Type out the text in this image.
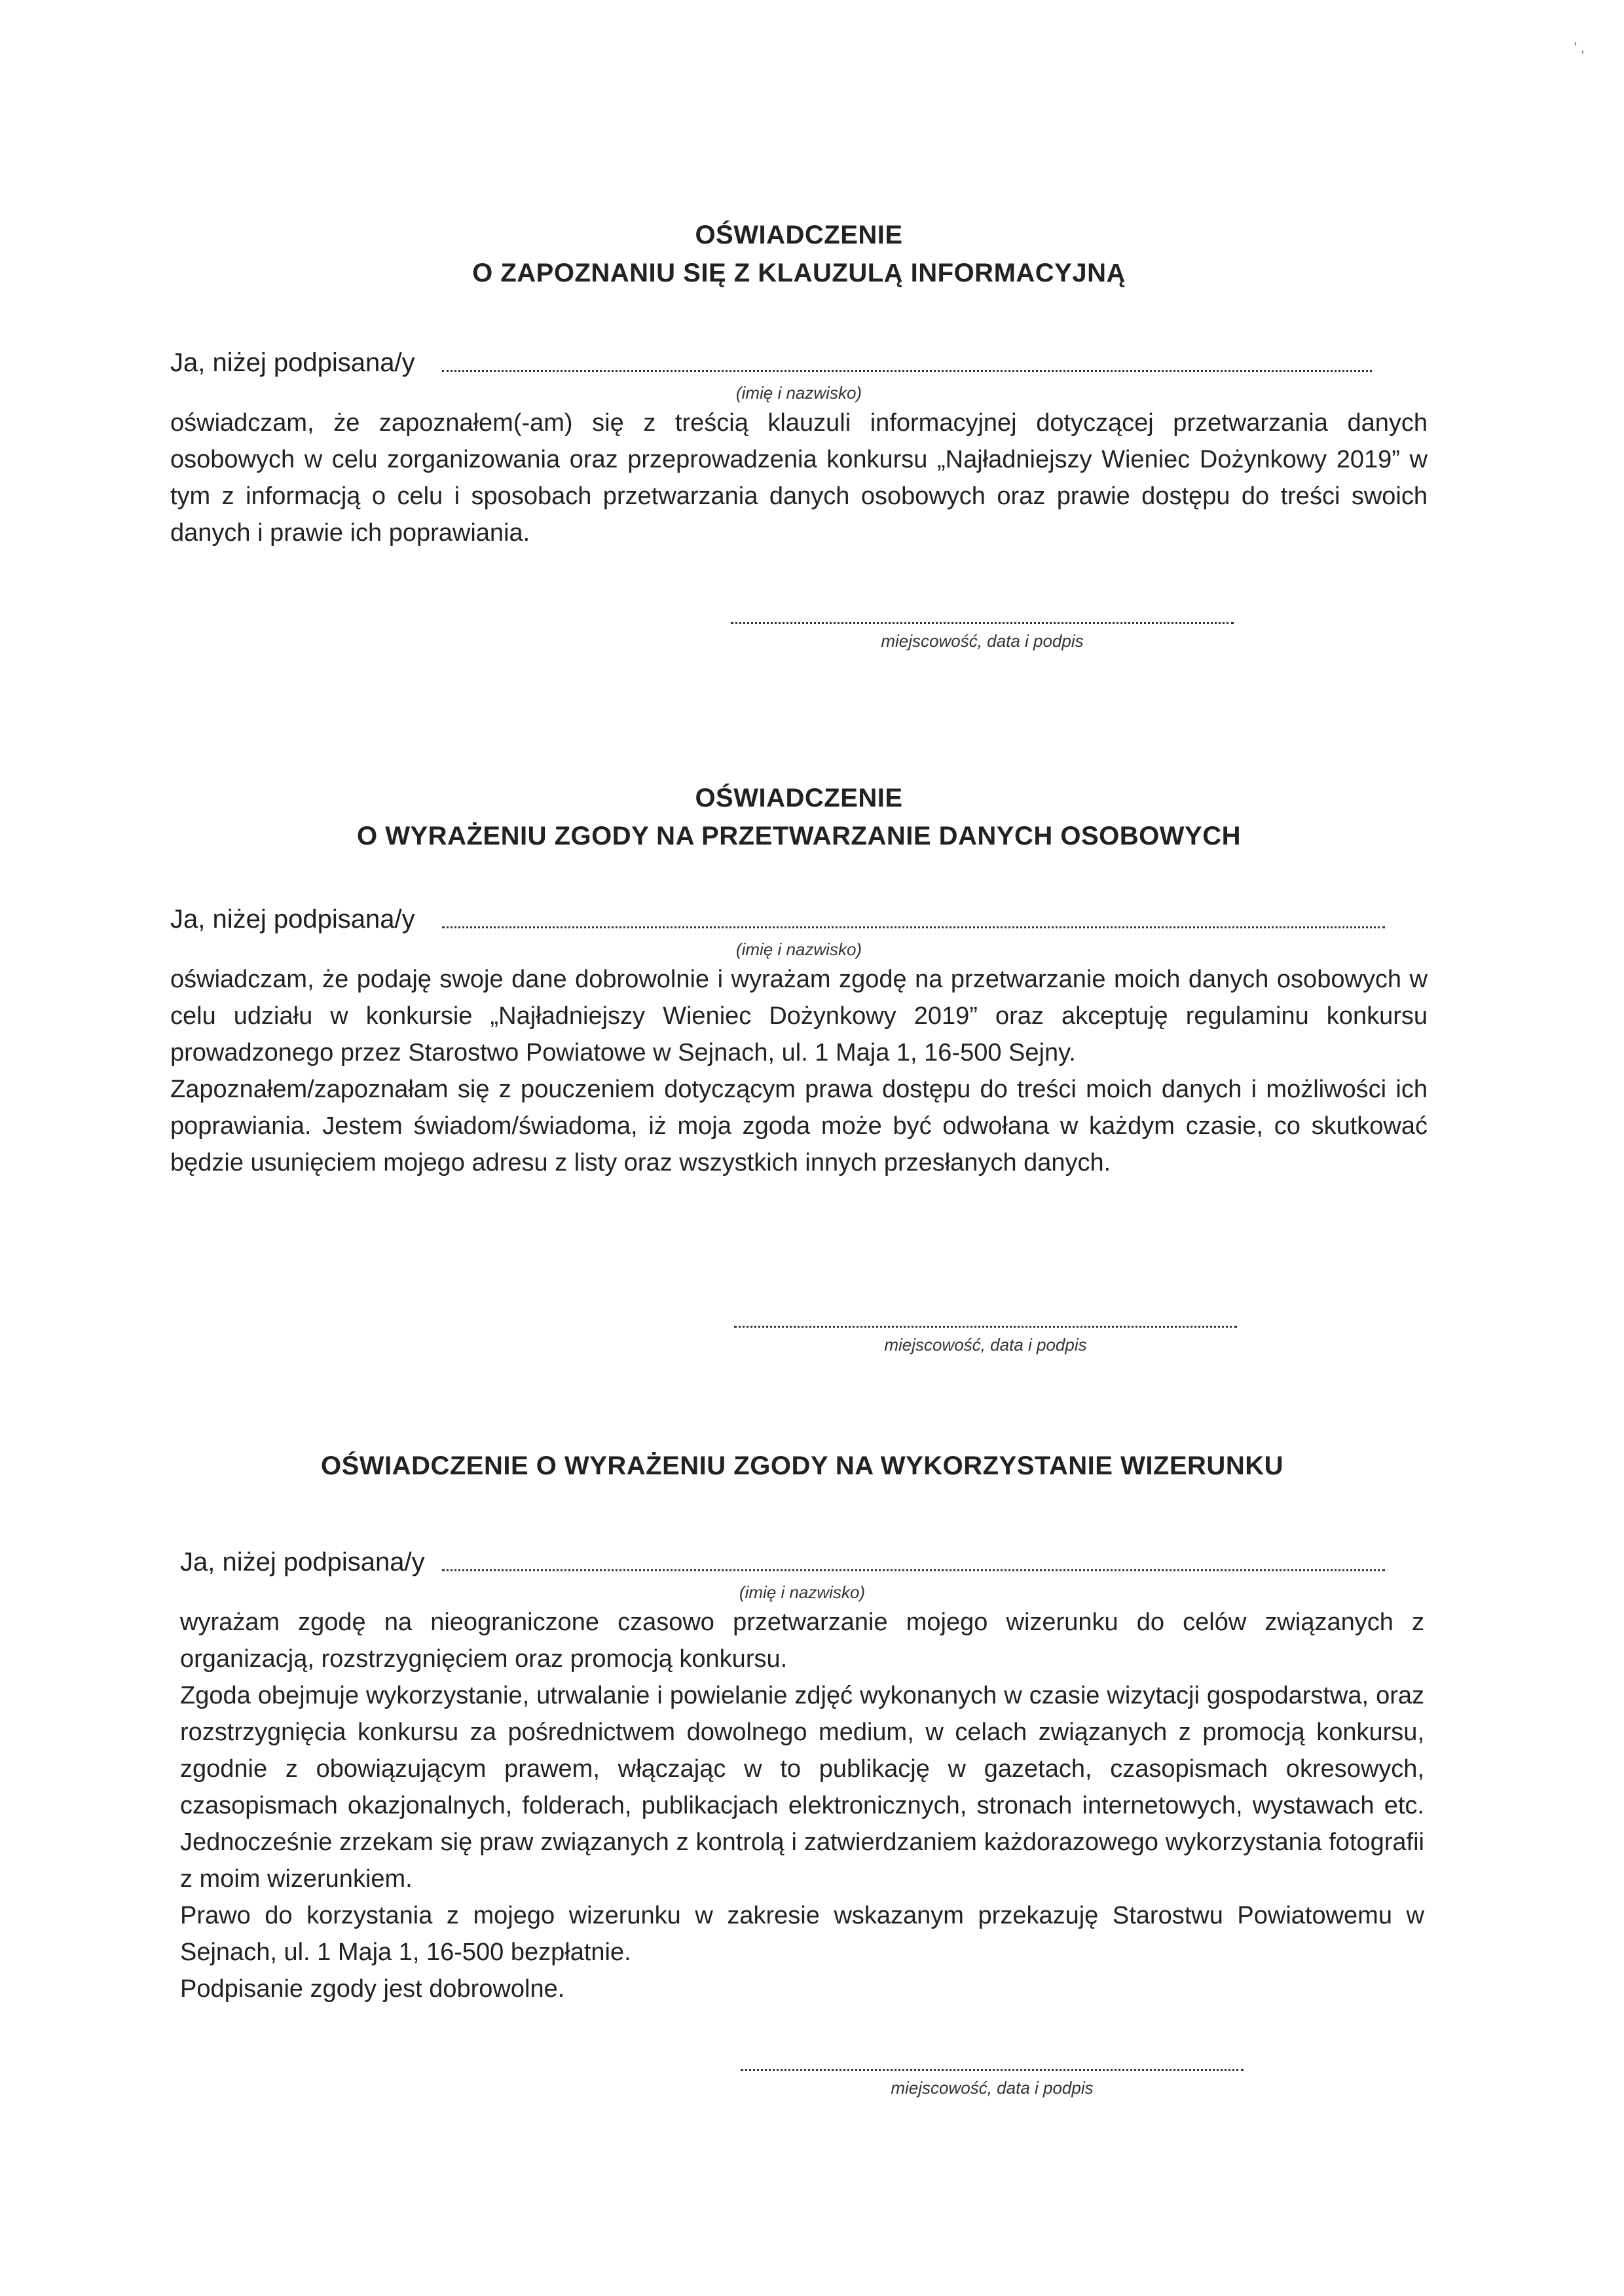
' ,
OŚWIADCZENIE
O ZAPOZNANIU SIĘ Z KLAUZULĄ INFORMACYJNĄ
Ja, niżej podpisana/y
(imię i nazwisko)
oświadczam, że zapoznałem(-am) się z treścią klauzuli informacyjnej dotyczącej przetwarzania danych osobowych w celu zorganizowania oraz przeprowadzenia konkursu „Najładniejszy Wieniec Dożynkowy 2019” w tym z informacją o celu i sposobach przetwarzania danych osobowych oraz prawie dostępu do treści swoich danych i prawie ich poprawiania.
miejscowość, data i podpis
OŚWIADCZENIE
O WYRAŻENIU ZGODY NA PRZETWARZANIE DANYCH OSOBOWYCH
Ja, niżej podpisana/y
(imię i nazwisko)
oświadczam, że podaję swoje dane dobrowolnie i wyrażam zgodę na przetwarzanie moich danych osobowych w celu udziału w konkursie „Najładniejszy Wieniec Dożynkowy 2019” oraz akceptuję regulaminu konkursu prowadzonego przez Starostwo Powiatowe w Sejnach, ul. 1 Maja 1, 16-500 Sejny.
Zapoznałem/zapoznałam się z pouczeniem dotyczącym prawa dostępu do treści moich danych i możliwości ich poprawiania. Jestem świadom/świadoma, iż moja zgoda może być odwołana w każdym czasie, co skutkować będzie usunięciem mojego adresu z listy oraz wszystkich innych przesłanych danych.
miejscowość, data i podpis
OŚWIADCZENIE O WYRAŻENIU ZGODY NA WYKORZYSTANIE WIZERUNKU
Ja, niżej podpisana/y
(imię i nazwisko)
wyrażam zgodę na nieograniczone czasowo przetwarzanie mojego wizerunku do celów związanych z organizacją, rozstrzygnięciem oraz promocją konkursu.
Zgoda obejmuje wykorzystanie, utrwalanie i powielanie zdjęć wykonanych w czasie wizytacji gospodarstwa, oraz rozstrzygnięcia konkursu za pośrednictwem dowolnego medium, w celach związanych z promocją konkursu, zgodnie z obowiązującym prawem, włączając w to publikację w gazetach, czasopismach okresowych, czasopismach okazjonalnych, folderach, publikacjach elektronicznych, stronach internetowych, wystawach etc. Jednocześnie zrzekam się praw związanych z kontrolą i zatwierdzaniem każdorazowego wykorzystania fotografii z moim wizerunkiem.
Prawo do korzystania z mojego wizerunku w zakresie wskazanym przekazuję Starostwu Powiatowemu w Sejnach, ul. 1 Maja 1, 16-500 bezpłatnie.
Podpisanie zgody jest dobrowolne.
miejscowość, data i podpis
